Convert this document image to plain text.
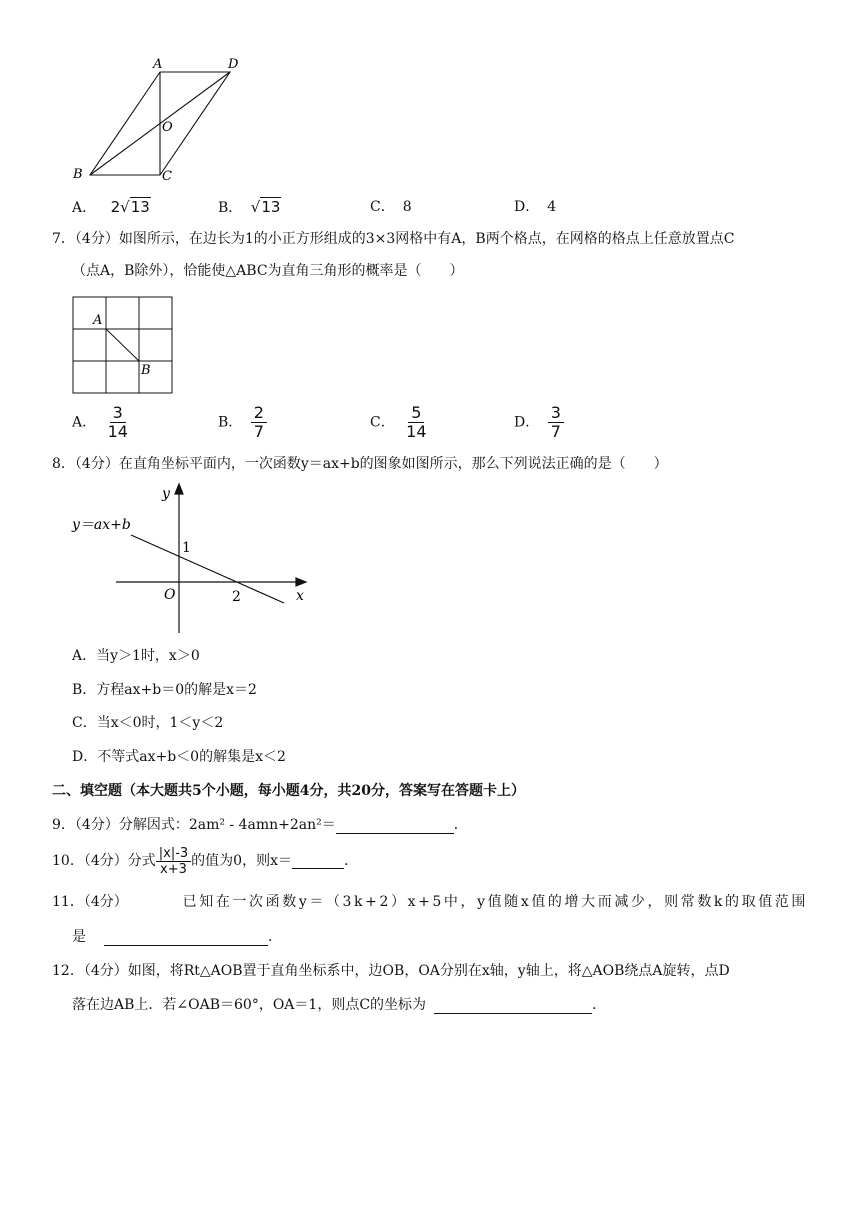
A	D
O
B	C
A． 2√13	B． √13	C． 8	D． 4
7．（4分）如图所示，在边长为1的小正方形组成的3×3网格中有A，B两个格点，在网格的格点上任意放置点C
（点A，B除外），恰能使△ABC为直角三角形的概率是（　　）
A
B
A． $\frac{3}{14}$	B． $\frac{2}{7}$	C． $\frac{5}{14}$	D． $\frac{3}{7}$
8．（4分）在直角坐标平面内，一次函数y＝ax+b的图象如图所示，那么下列说法正确的是（　　）
y
x
O
1
2
y＝ax+b
A．当y＞1时，x＞0
B．方程ax+b＝0的解是x＝2
C．当x＜0时，1＜y＜2
D．不等式ax+b＜0的解集是x＜2
二、填空题（本大题共5个小题，每小题4分，共20分，答案写在答题卡上）
9．（4分）分解因式：2am² - 4amn+2an²＝	．
10．（4分）分式 $\frac{|x|-3}{x+3}$ 的值为0，则x＝	．
11．（4分）	已知在一次函数y＝（3k+2）x+5中，y值随x值的增大而减少，则常数k的取值范围
是	．
12．（4分）如图，将Rt△AOB置于直角坐标系中，边OB，OA分别在x轴，y轴上，将△AOB绕点A旋转，点D
落在边AB上．若∠OAB＝60°，OA＝1，则点C的坐标为	．
